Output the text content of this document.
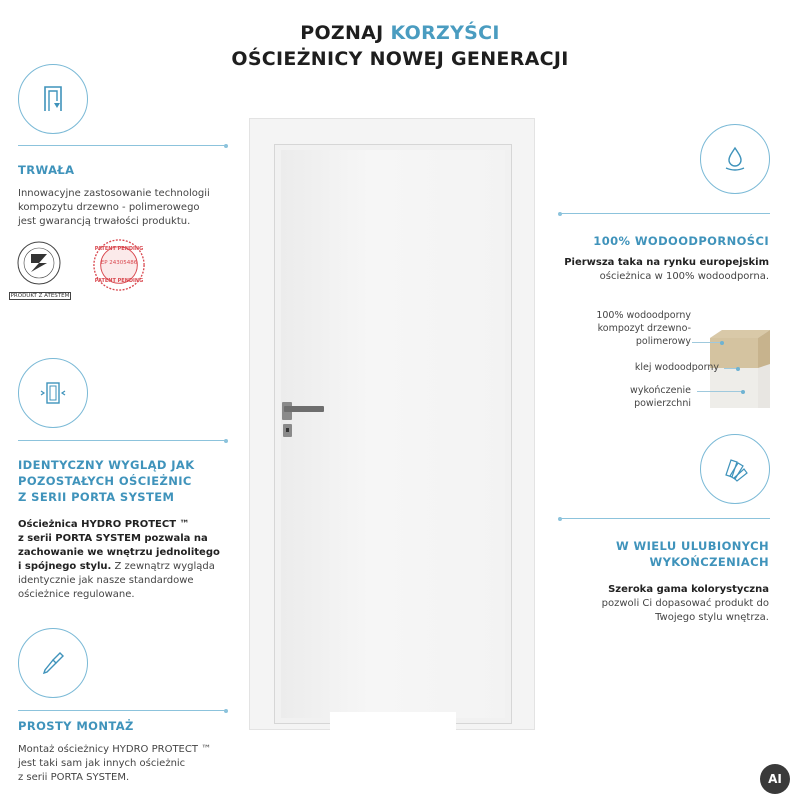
POZNAJ KORZYŚCI
OŚCIEŻNICY NOWEJ GENERACJI
TRWAŁA
Innowacyjne zastosowanie technologii
kompozytu drzewno - polimerowego
jest gwarancją trwałości produktu.
PRODUKT Z ATESTEM
PATENT PENDING
EP 24305486
PATENT PENDING
IDENTYCZNY WYGLĄD JAK
POZOSTAŁYCH OŚCIEŻNIC
Z SERII PORTA SYSTEM
Ościeżnica HYDRO PROTECT ™
z serii PORTA SYSTEM pozwala na
zachowanie we wnętrzu jednolitego
i spójnego stylu. Z zewnątrz wygląda
identycznie jak nasze standardowe
ościeżnice regulowane.
PROSTY MONTAŻ
Montaż ościeżnicy HYDRO PROTECT ™
jest taki sam jak innych ościeżnic
z serii PORTA SYSTEM.
100% WODOODPORNOŚCI
Pierwsza taka na rynku europejskim
ościeżnica w 100% wodoodporna.
100% wodoodporny
kompozyt drzewno-
polimerowy
klej wodoodporny
wykończenie
powierzchni
W WIELU ULUBIONYCH
WYKOŃCZENIACH
Szeroka gama kolorystyczna
pozwoli Ci dopasować produkt do
Twojego stylu wnętrza.
AI
